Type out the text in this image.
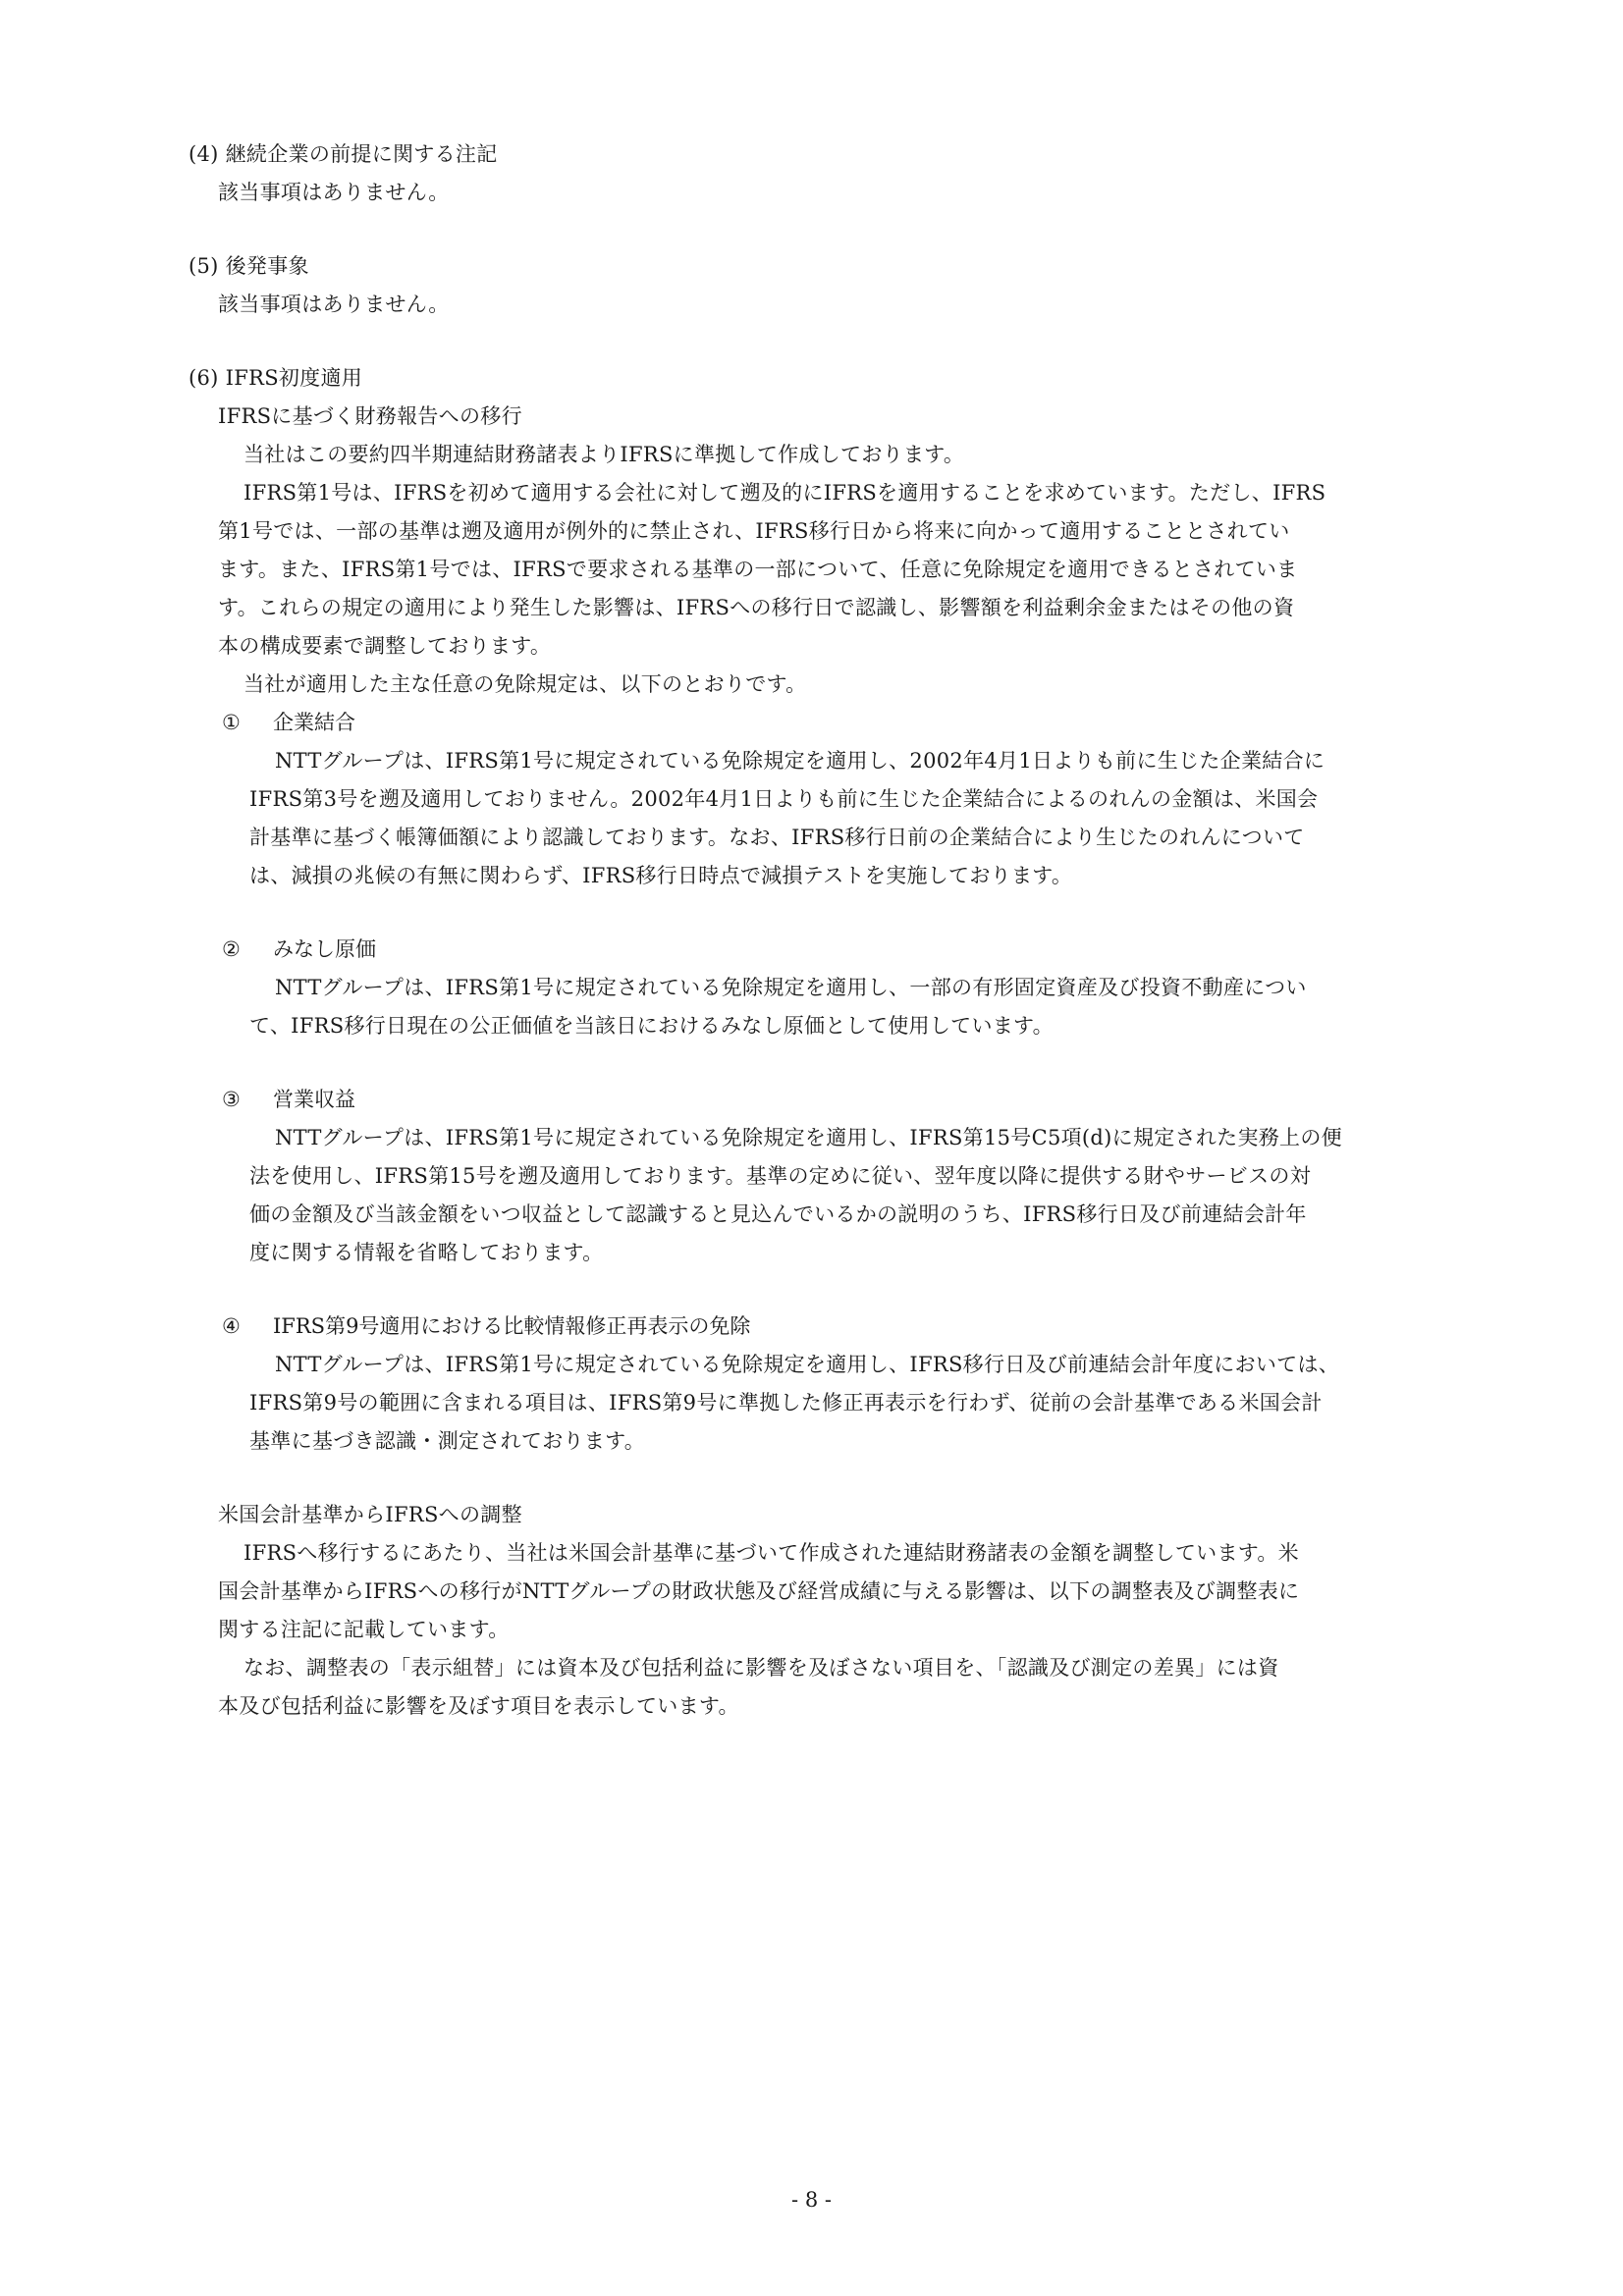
(4) 継続企業の前提に関する注記
該当事項はありません。
(5) 後発事象
該当事項はありません。
(6) IFRS初度適用
IFRSに基づく財務報告への移行
当社はこの要約四半期連結財務諸表よりIFRSに準拠して作成しております。
IFRS第1号は、IFRSを初めて適用する会社に対して遡及的にIFRSを適用することを求めています。ただし、IFRS
第1号では、一部の基準は遡及適用が例外的に禁止され、IFRS移行日から将来に向かって適用することとされてい
ます。また、IFRS第1号では、IFRSで要求される基準の一部について、任意に免除規定を適用できるとされていま
す。これらの規定の適用により発生した影響は、IFRSへの移行日で認識し、影響額を利益剰余金またはその他の資
本の構成要素で調整しております。
当社が適用した主な任意の免除規定は、以下のとおりです。
① 企業結合
NTTグループは、IFRS第1号に規定されている免除規定を適用し、2002年4月1日よりも前に生じた企業結合に
IFRS第3号を遡及適用しておりません。2002年4月1日よりも前に生じた企業結合によるのれんの金額は、米国会
計基準に基づく帳簿価額により認識しております。なお、IFRS移行日前の企業結合により生じたのれんについて
は、減損の兆候の有無に関わらず、IFRS移行日時点で減損テストを実施しております。
② みなし原価
NTTグループは、IFRS第1号に規定されている免除規定を適用し、一部の有形固定資産及び投資不動産につい
て、IFRS移行日現在の公正価値を当該日におけるみなし原価として使用しています。
③ 営業収益
NTTグループは、IFRS第1号に規定されている免除規定を適用し、IFRS第15号C5項(d)に規定された実務上の便
法を使用し、IFRS第15号を遡及適用しております。基準の定めに従い、翌年度以降に提供する財やサービスの対
価の金額及び当該金額をいつ収益として認識すると見込んでいるかの説明のうち、IFRS移行日及び前連結会計年
度に関する情報を省略しております。
④ IFRS第9号適用における比較情報修正再表示の免除
NTTグループは、IFRS第1号に規定されている免除規定を適用し、IFRS移行日及び前連結会計年度においては、
IFRS第9号の範囲に含まれる項目は、IFRS第9号に準拠した修正再表示を行わず、従前の会計基準である米国会計
基準に基づき認識・測定されております。
米国会計基準からIFRSへの調整
IFRSへ移行するにあたり、当社は米国会計基準に基づいて作成された連結財務諸表の金額を調整しています。米
国会計基準からIFRSへの移行がNTTグループの財政状態及び経営成績に与える影響は、以下の調整表及び調整表に
関する注記に記載しています。
なお、調整表の「表示組替」には資本及び包括利益に影響を及ぼさない項目を、「認識及び測定の差異」には資
本及び包括利益に影響を及ぼす項目を表示しています。
- 8 -
